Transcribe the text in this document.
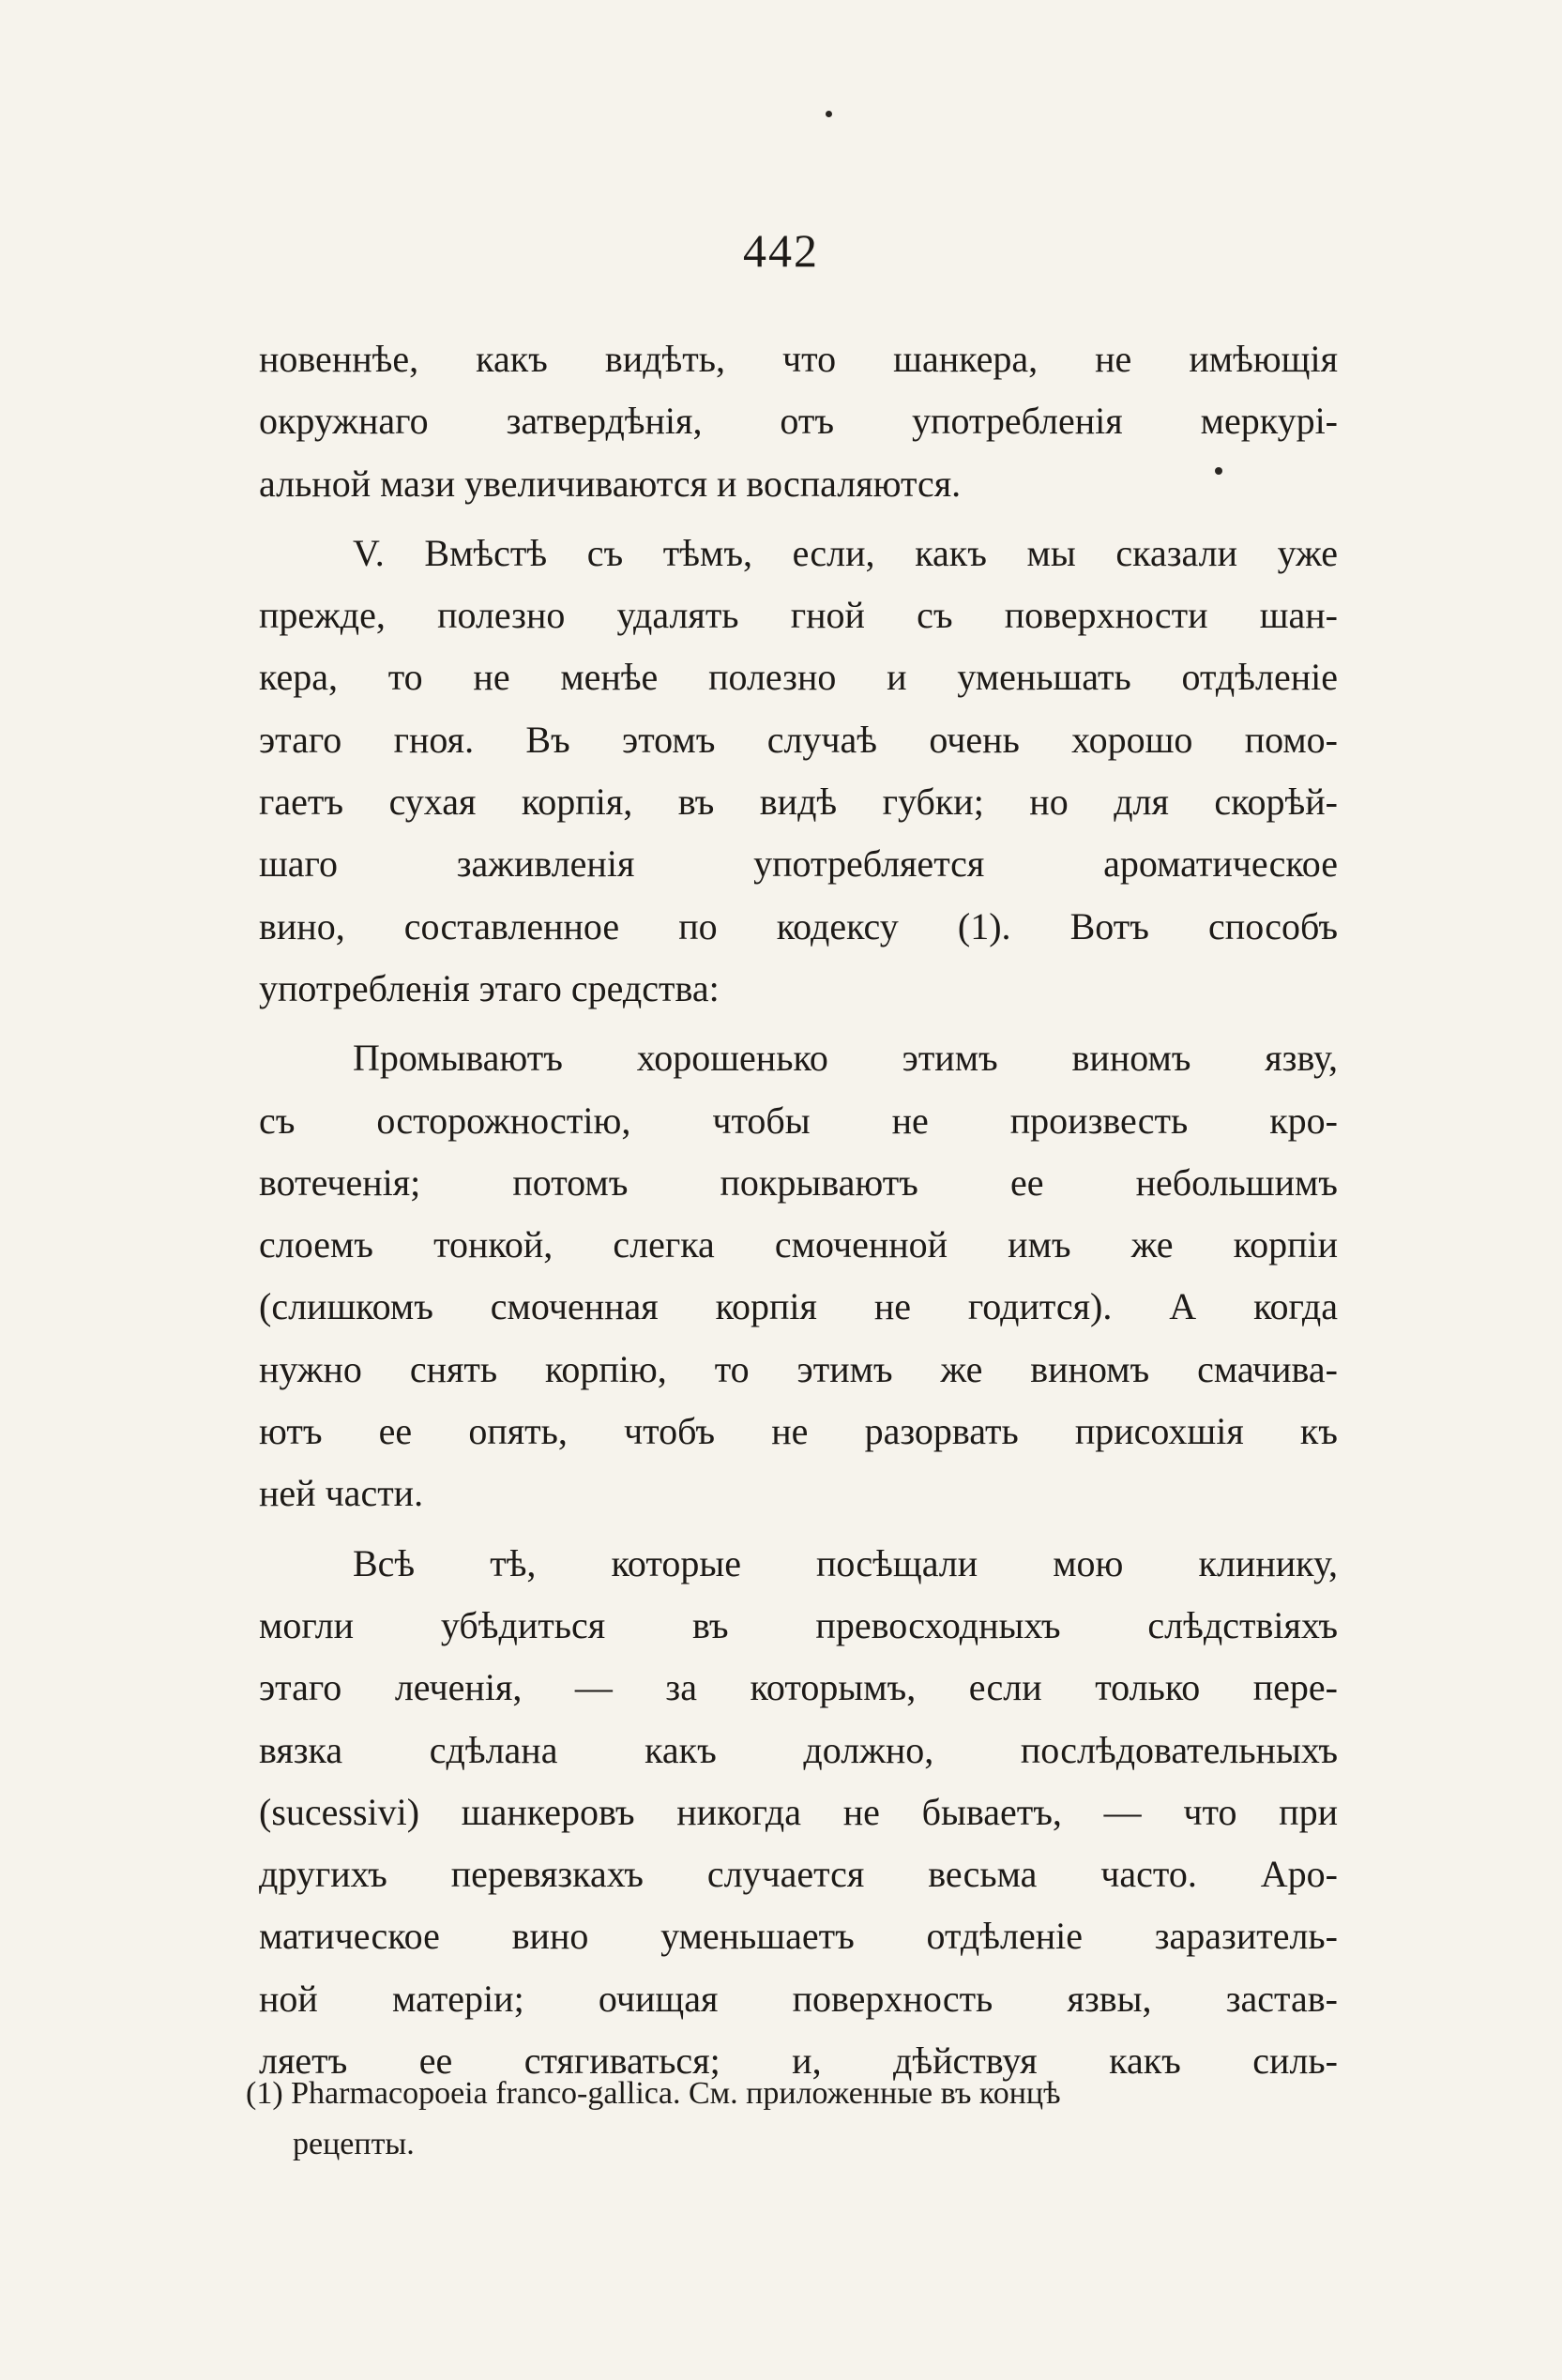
442
новеннѣе, какъ видѣть, что шанкера, не имѣющія
окружнаго затвердѣнія, отъ употребленія меркурі-
альной мази увеличиваются и воспаляются.
V. Вмѣстѣ съ тѣмъ, если, какъ мы сказали уже
прежде, полезно удалять гной съ поверхности шан-
кера, то не менѣе полезно и уменьшать отдѣленіе
этаго гноя. Въ этомъ случаѣ очень хорошо помо-
гаетъ сухая корпія, въ видѣ губки; но для скорѣй-
шаго заживленія употребляется ароматическое
вино, составленное по кодексу (1). Вотъ способъ
употребленія этаго средства:
Промываютъ хорошенько этимъ виномъ язву,
съ осторожностію, чтобы не произвесть кро-
вотеченія; потомъ покрываютъ ее небольшимъ
слоемъ тонкой, слегка смоченной имъ же корпіи
(слишкомъ смоченная корпія не годится). А когда
нужно снять корпію, то этимъ же виномъ смачива-
ютъ ее опять, чтобъ не разорвать присохшія къ
ней части.
Всѣ тѣ, которые посѣщали мою клинику,
могли убѣдиться въ превосходныхъ слѣдствіяхъ
этаго леченія, — за которымъ, если только пере-
вязка сдѣлана какъ должно, послѣдовательныхъ
(sucessivi) шанкеровъ никогда не бываетъ, — что при
другихъ перевязкахъ случается весьма часто. Аро-
матическое вино уменьшаетъ отдѣленіе заразитель-
ной матеріи; очищая поверхность язвы, застав-
ляетъ ее стягиваться; и, дѣйствуя какъ силь-
(1) Pharmacopoeia franco-gallica. См. приложенные въ концѣ
рецепты.
